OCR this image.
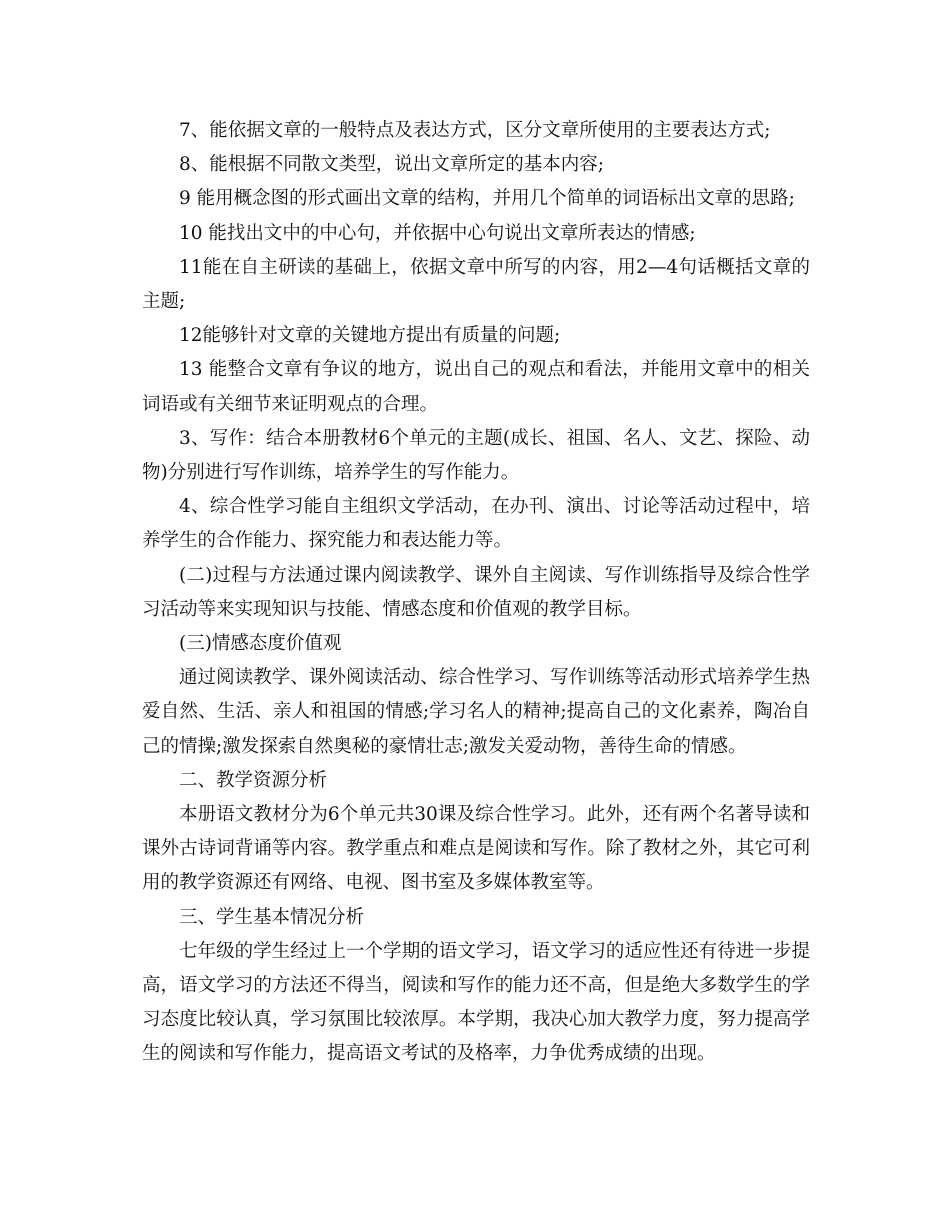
7、能依据文章的一般特点及表达方式，区分文章所使用的主要表达方式;

8、能根据不同散文类型，说出文章所定的基本内容;

9 能用概念图的形式画出文章的结构，并用几个简单的词语标出文章的思路;

10 能找出文中的中心句，并依据中心句说出文章所表达的情感;

11能在自主研读的基础上，依据文章中所写的内容，用2—4句话概括文章的主题;

12能够针对文章的关键地方提出有质量的问题;

13 能整合文章有争议的地方，说出自己的观点和看法，并能用文章中的相关词语或有关细节来证明观点的合理。

3、写作：结合本册教材6个单元的主题(成长、祖国、名人、文艺、探险、动物)分别进行写作训练，培养学生的写作能力。

4、综合性学习能自主组织文学活动，在办刊、演出、讨论等活动过程中，培养学生的合作能力、探究能力和表达能力等。

(二)过程与方法通过课内阅读教学、课外自主阅读、写作训练指导及综合性学习活动等来实现知识与技能、情感态度和价值观的教学目标。

(三)情感态度价值观

通过阅读教学、课外阅读活动、综合性学习、写作训练等活动形式培养学生热爱自然、生活、亲人和祖国的情感;学习名人的精神;提高自己的文化素养，陶冶自己的情操;激发探索自然奥秘的豪情壮志;激发关爱动物，善待生命的情感。

二、教学资源分析

本册语文教材分为6个单元共30课及综合性学习。此外，还有两个名著导读和课外古诗词背诵等内容。教学重点和难点是阅读和写作。除了教材之外，其它可利用的教学资源还有网络、电视、图书室及多媒体教室等。

三、学生基本情况分析

七年级的学生经过上一个学期的语文学习，语文学习的适应性还有待进一步提高，语文学习的方法还不得当，阅读和写作的能力还不高，但是绝大多数学生的学习态度比较认真，学习氛围比较浓厚。本学期，我决心加大教学力度，努力提高学生的阅读和写作能力，提高语文考试的及格率，力争优秀成绩的出现。
